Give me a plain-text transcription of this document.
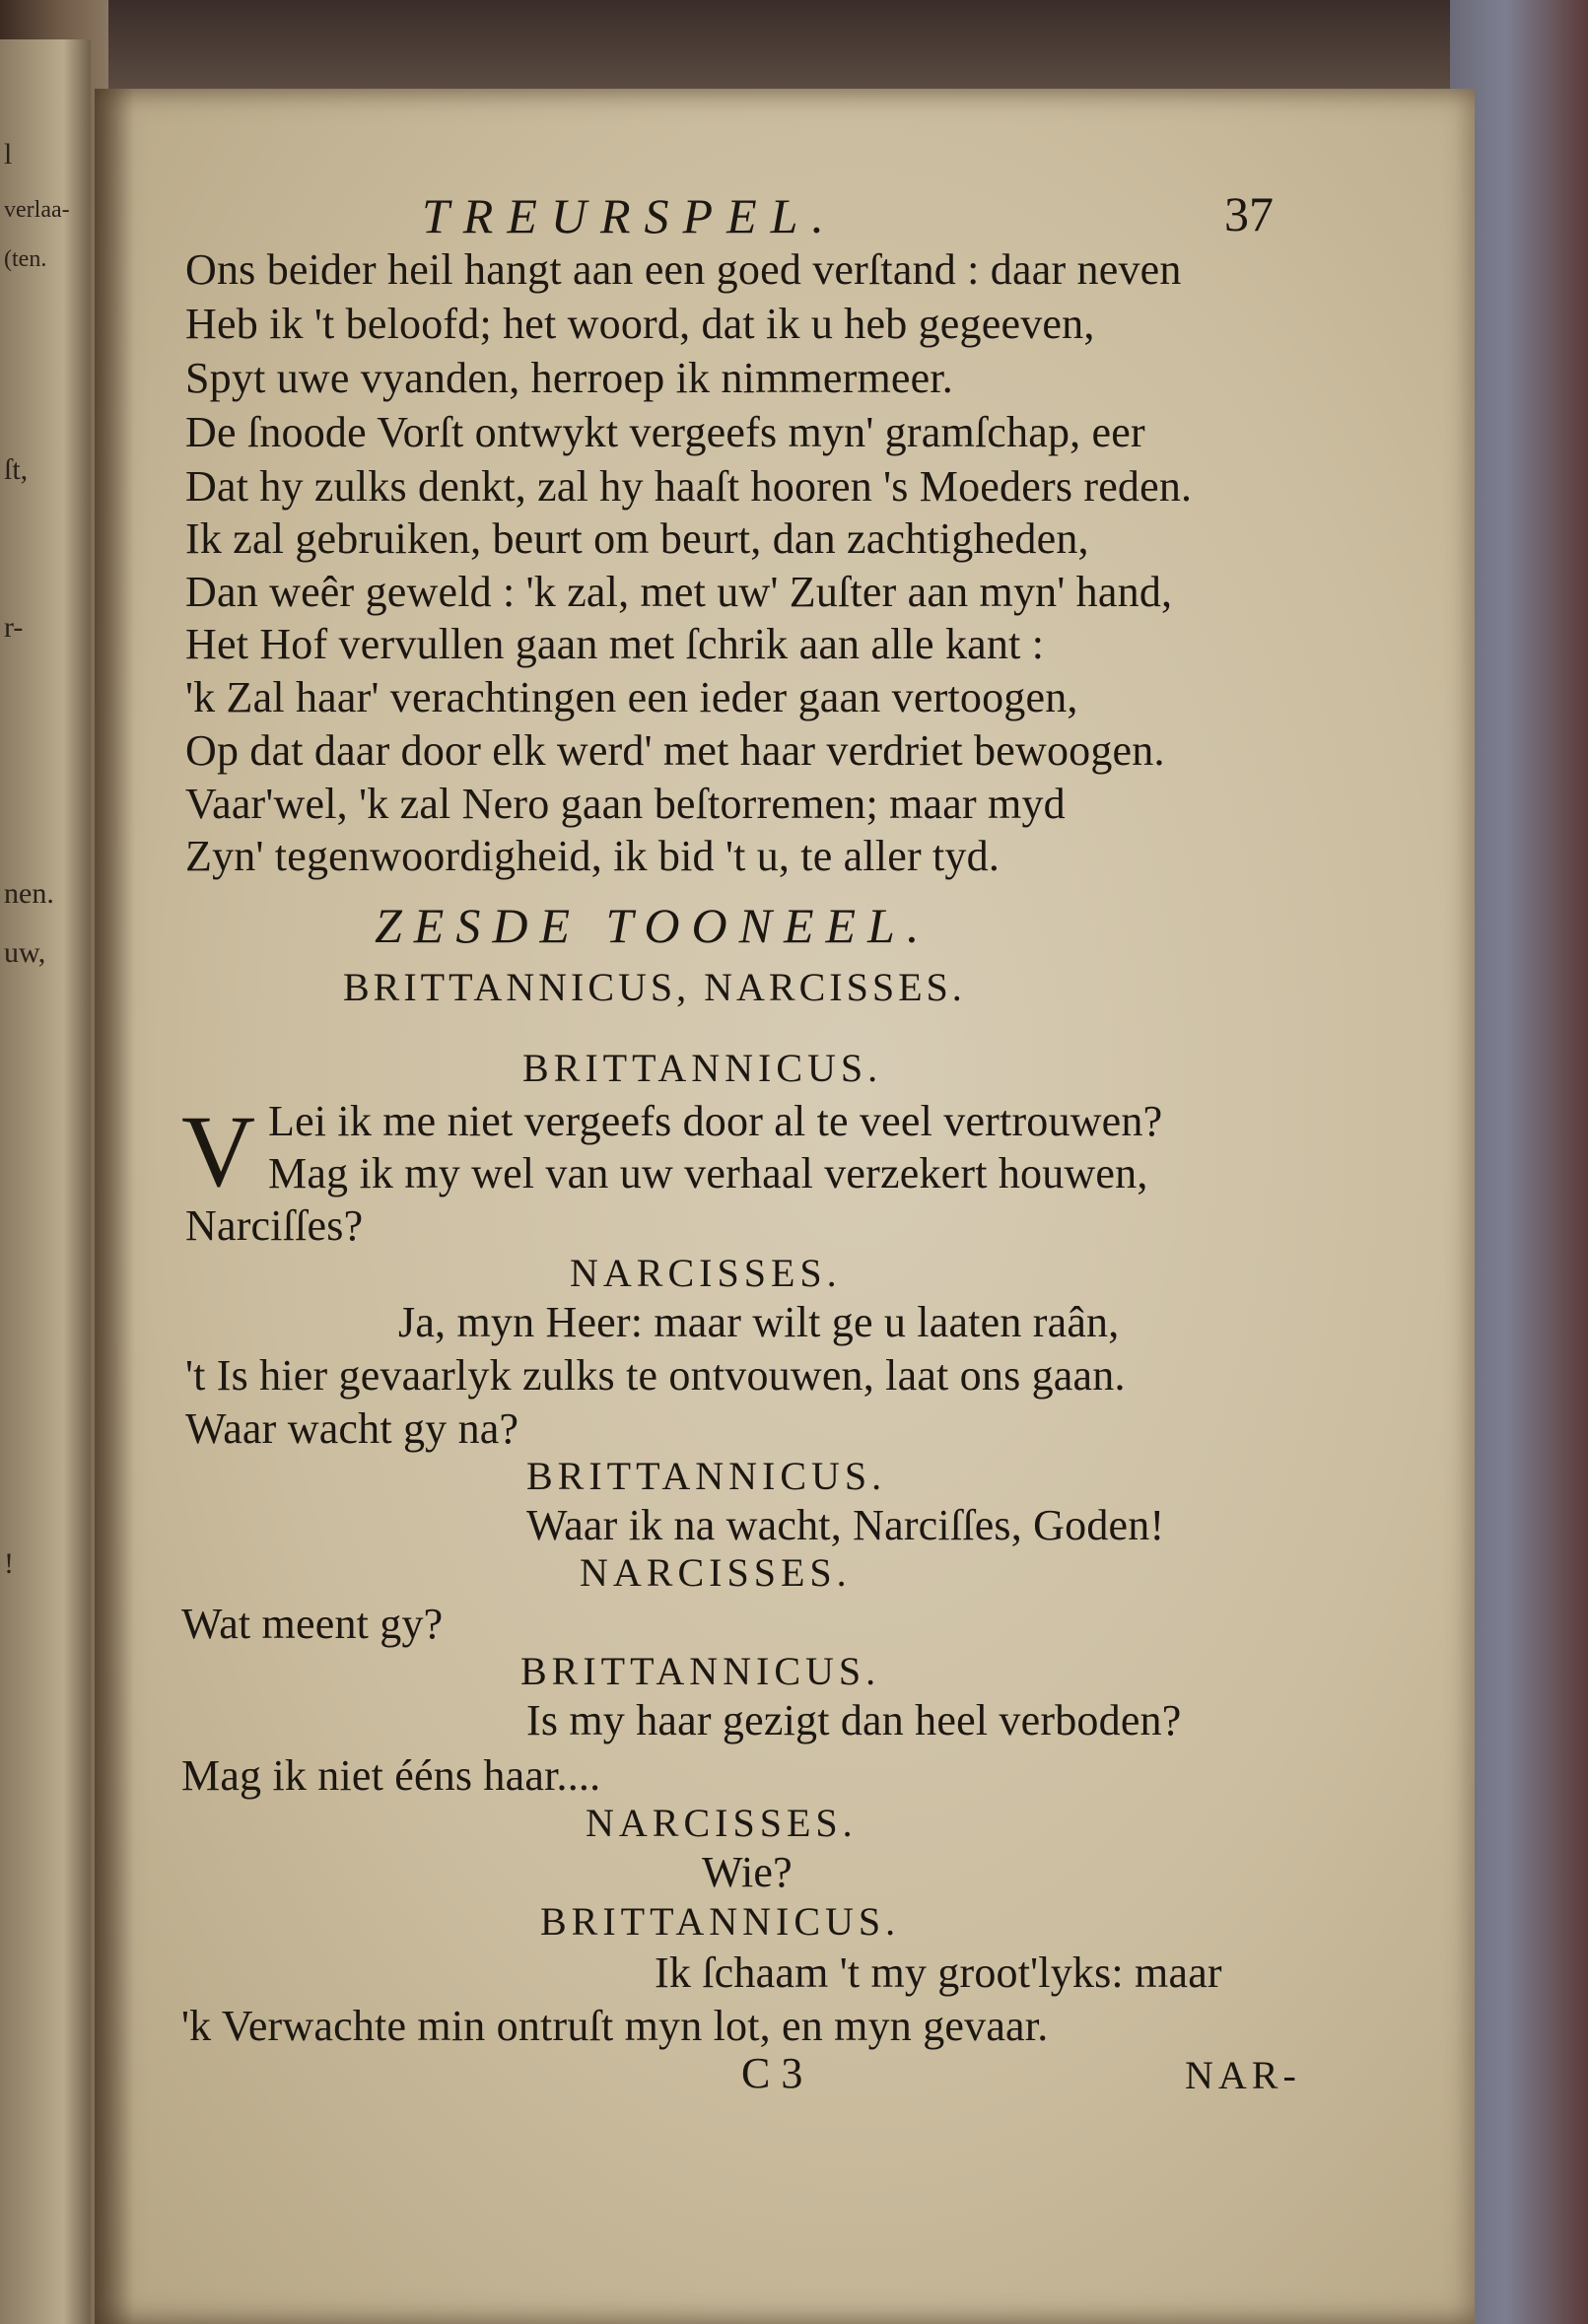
l
verlaa-
(ten.
ſt,
r-
nen.
uw,
!
TREURSPEL.	37
Ons beider heil hangt aan een goed verſtand : daar neven
Heb ik 't beloofd; het woord, dat ik u heb gegeeven,
Spyt uwe vyanden, herroep ik nimmermeer.
De ſnoode Vorſt ontwykt vergeefs myn' gramſchap, eer
Dat hy zulks denkt, zal hy haaſt hooren 's Moeders reden.
Ik zal gebruiken, beurt om beurt, dan zachtigheden,
Dan weêr geweld : 'k zal, met uw' Zuſter aan myn' hand,
Het Hof vervullen gaan met ſchrik aan alle kant :
'k Zal haar' verachtingen een ieder gaan vertoogen,
Op dat daar door elk werd' met haar verdriet bewoogen.
Vaar'wel, 'k zal Nero gaan beſtorremen; maar myd
Zyn' tegenwoordigheid, ik bid 't u, te aller tyd.
ZESDE TOONEEL.
BRITTANNICUS, NARCISSES.
BRITTANNICUS.
V Lei ik me niet vergeefs door al te veel vertrouwen?
Mag ik my wel van uw verhaal verzekert houwen,
Narciſſes?
NARCISSES.
Ja, myn Heer: maar wilt ge u laaten raân,
't Is hier gevaarlyk zulks te ontvouwen, laat ons gaan.
Waar wacht gy na?
BRITTANNICUS.
Waar ik na wacht, Narciſſes, Goden!
NARCISSES.
Wat meent gy?
BRITTANNICUS.
Is my haar gezigt dan heel verboden?
Mag ik niet ééns haar....
NARCISSES.
Wie?
BRITTANNICUS.
Ik ſchaam 't my groot'lyks: maar
'k Verwachte min ontruſt myn lot, en myn gevaar.
C 3	NAR-
